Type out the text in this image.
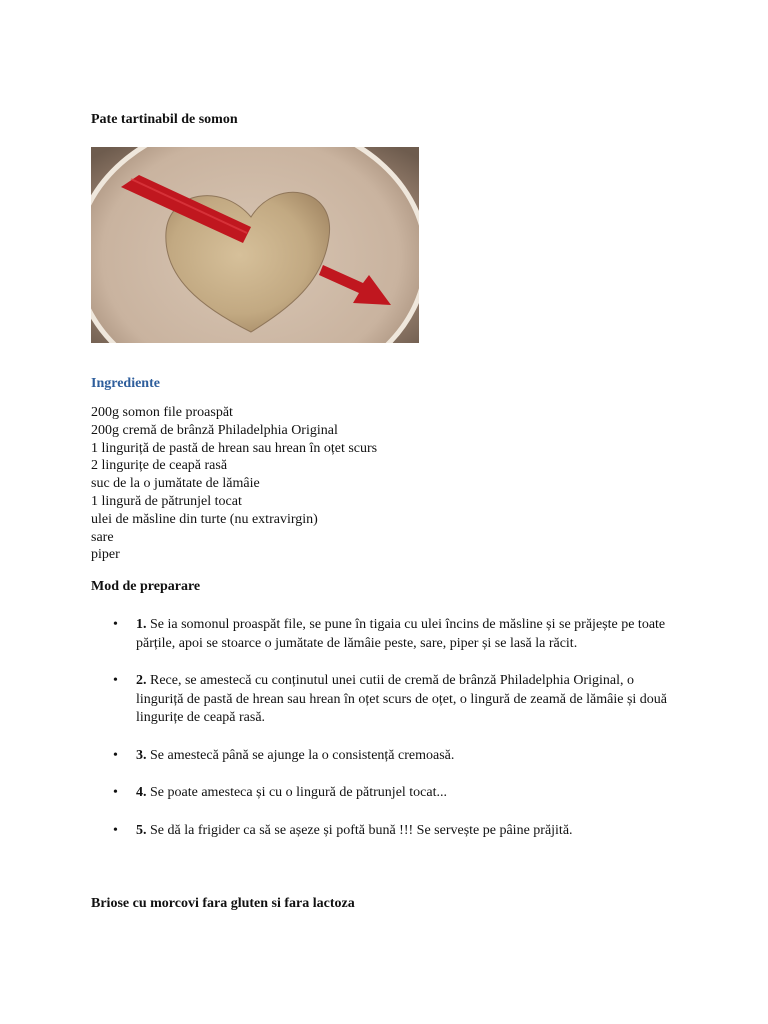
Pate tartinabil de somon
Ingrediente
200g somon file proaspăt
200g cremă de brânză Philadelphia Original
1 linguriță de pastă de hrean sau hrean în oțet scurs
2 lingurițe de ceapă rasă
suc de la o jumătate de lămâie
1 lingură de pătrunjel tocat
ulei de măsline din turte (nu extravirgin)
sare
piper
Mod de preparare
• 1. Se ia somonul proaspăt file, se pune în tigaia cu ulei încins de măsline și se prăjește pe toate părțile, apoi se stoarce o jumătate de lămâie peste, sare, piper și se lasă la răcit.
• 2. Rece, se amestecă cu conținutul unei cutii de cremă de brânză Philadelphia Original, o linguriță de pastă de hrean sau hrean în oțet scurs de oțet, o lingură de zeamă de lămâie și două lingurițe de ceapă rasă.
• 3. Se amestecă până se ajunge la o consistență cremoasă.
• 4. Se poate amesteca și cu o lingură de pătrunjel tocat...
• 5. Se dă la frigider ca să se așeze și poftă bună !!! Se servește pe pâine prăjită.
Briose cu morcovi fara gluten si fara lactoza
